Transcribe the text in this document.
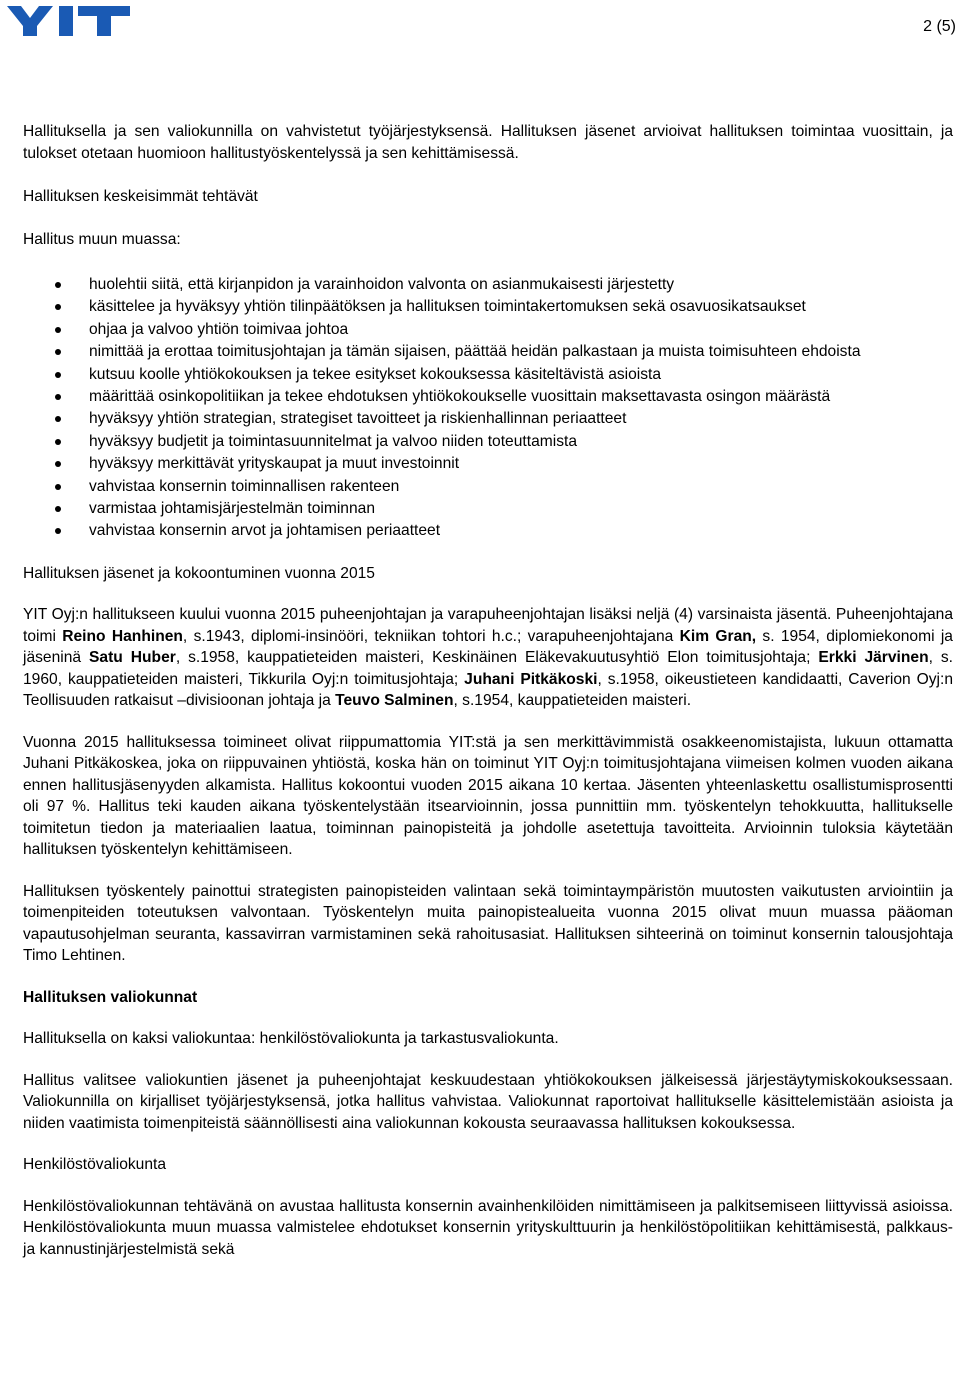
2 (5)

Hallituksella ja sen valiokunnilla on vahvistetut työjärjestyksensä. Hallituksen jäsenet arvioivat hallituksen toimintaa vuosittain, ja tulokset otetaan huomioon hallitustyöskentelyssä ja sen kehittämisessä.

Hallituksen keskeisimmät tehtävät

Hallitus muun muassa:

huolehtii siitä, että kirjanpidon ja varainhoidon valvonta on asianmukaisesti järjestetty
käsittelee ja hyväksyy yhtiön tilinpäätöksen ja hallituksen toimintakertomuksen sekä osavuosikatsaukset
ohjaa ja valvoo yhtiön toimivaa johtoa
nimittää ja erottaa toimitusjohtajan ja tämän sijaisen, päättää heidän palkastaan ja muista toimisuhteen ehdoista
kutsuu koolle yhtiökokouksen ja tekee esitykset kokouksessa käsiteltävistä asioista
määrittää osinkopolitiikan ja tekee ehdotuksen yhtiökokoukselle vuosittain maksettavasta osingon määrästä
hyväksyy yhtiön strategian, strategiset tavoitteet ja riskienhallinnan periaatteet
hyväksyy budjetit ja toimintasuunnitelmat ja valvoo niiden toteuttamista
hyväksyy merkittävät yrityskaupat ja muut investoinnit
vahvistaa konsernin toiminnallisen rakenteen
varmistaa johtamisjärjestelmän toiminnan
vahvistaa konsernin arvot ja johtamisen periaatteet

Hallituksen jäsenet ja kokoontuminen vuonna 2015

YIT Oyj:n hallitukseen kuului vuonna 2015 puheenjohtajan ja varapuheenjohtajan lisäksi neljä (4) varsinaista jäsentä. Puheenjohtajana toimi Reino Hanhinen, s.1943, diplomi-insinööri, tekniikan tohtori h.c.; varapuheenjohtajana Kim Gran, s. 1954, diplomiekonomi ja jäseninä Satu Huber, s.1958, kauppatieteiden maisteri, Keskinäinen Eläkevakuutusyhtiö Elon toimitusjohtaja; Erkki Järvinen, s. 1960, kauppatieteiden maisteri, Tikkurila Oyj:n toimitusjohtaja; Juhani Pitkäkoski, s.1958, oikeustieteen kandidaatti, Caverion Oyj:n Teollisuuden ratkaisut –divisioonan johtaja ja Teuvo Salminen, s.1954, kauppatieteiden maisteri.

Vuonna 2015 hallituksessa toimineet olivat riippumattomia YIT:stä ja sen merkittävimmistä osakkeenomistajista, lukuun ottamatta Juhani Pitkäkoskea, joka on riippuvainen yhtiöstä, koska hän on toiminut YIT Oyj:n toimitusjohtajana viimeisen kolmen vuoden aikana ennen hallitusjäsenyyden alkamista. Hallitus kokoontui vuoden 2015 aikana 10 kertaa. Jäsenten yhteenlaskettu osallistumisprosentti oli 97 %. Hallitus teki kauden aikana työskentelystään itsearvioinnin, jossa punnittiin mm. työskentelyn tehokkuutta, hallitukselle toimitetun tiedon ja materiaalien laatua, toiminnan painopisteitä ja johdolle asetettuja tavoitteita. Arvioinnin tuloksia käytetään hallituksen työskentelyn kehittämiseen.

Hallituksen työskentely painottui strategisten painopisteiden valintaan sekä toimintaympäristön muutosten vaikutusten arviointiin ja toimenpiteiden toteutuksen valvontaan. Työskentelyn muita painopistealueita vuonna 2015 olivat muun muassa pääoman vapautusohjelman seuranta, kassavirran varmistaminen sekä rahoitusasiat. Hallituksen sihteerinä on toiminut konsernin talousjohtaja Timo Lehtinen.

Hallituksen valiokunnat

Hallituksella on kaksi valiokuntaa: henkilöstövaliokunta ja tarkastusvaliokunta.

Hallitus valitsee valiokuntien jäsenet ja puheenjohtajat keskuudestaan yhtiökokouksen jälkeisessä järjestäytymiskokouksessaan. Valiokunnilla on kirjalliset työjärjestyksensä, jotka hallitus vahvistaa. Valiokunnat raportoivat hallitukselle käsittelemistään asioista ja niiden vaatimista toimenpiteistä säännöllisesti aina valiokunnan kokousta seuraavassa hallituksen kokouksessa.

Henkilöstövaliokunta

Henkilöstövaliokunnan tehtävänä on avustaa hallitusta konsernin avainhenkilöiden nimittämiseen ja palkitsemiseen liittyvissä asioissa. Henkilöstövaliokunta muun muassa valmistelee ehdotukset konsernin yrityskulttuurin ja henkilöstöpolitiikan kehittämisestä, palkkaus- ja kannustinjärjestelmistä sekä
